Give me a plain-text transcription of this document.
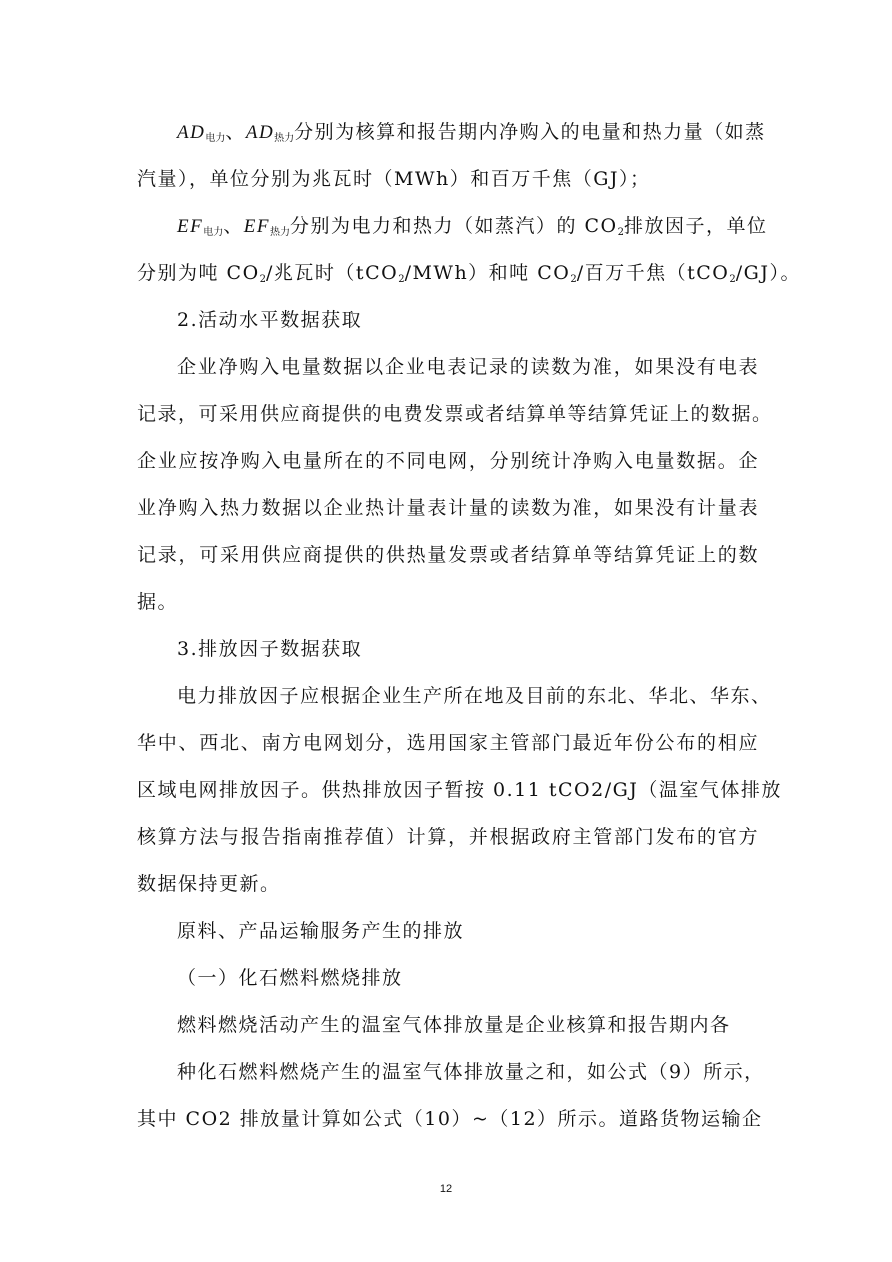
$AD_{电力}$、$AD_{热力}$分别为核算和报告期内净购入的电量和热力量（如蒸
汽量），单位分别为兆瓦时（MWh）和百万千焦（GJ）；
$EF_{电力}$、$EF_{热力}$分别为电力和热力（如蒸汽）的 $CO_2$排放因子，单位
分别为吨 $CO_2/$兆瓦时（tCO$_2$/MWh）和吨 $CO_2/$百万千焦（tCO$_2$/GJ）。
2.活动水平数据获取
企业净购入电量数据以企业电表记录的读数为准，如果没有电表
记录，可采用供应商提供的电费发票或者结算单等结算凭证上的数据。
企业应按净购入电量所在的不同电网，分别统计净购入电量数据。企
业净购入热力数据以企业热计量表计量的读数为准，如果没有计量表
记录，可采用供应商提供的供热量发票或者结算单等结算凭证上的数
据。
3.排放因子数据获取
电力排放因子应根据企业生产所在地及目前的东北、华北、华东、
华中、西北、南方电网划分，选用国家主管部门最近年份公布的相应
区域电网排放因子。供热排放因子暂按 0.11 tCO2/GJ（温室气体排放
核算方法与报告指南推荐值）计算，并根据政府主管部门发布的官方
数据保持更新。
原料、产品运输服务产生的排放
（一）化石燃料燃烧排放
燃料燃烧活动产生的温室气体排放量是企业核算和报告期内各
种化石燃料燃烧产生的温室气体排放量之和，如公式（9）所示，
其中 CO2 排放量计算如公式（10）~（12）所示。道路货物运输企
12
